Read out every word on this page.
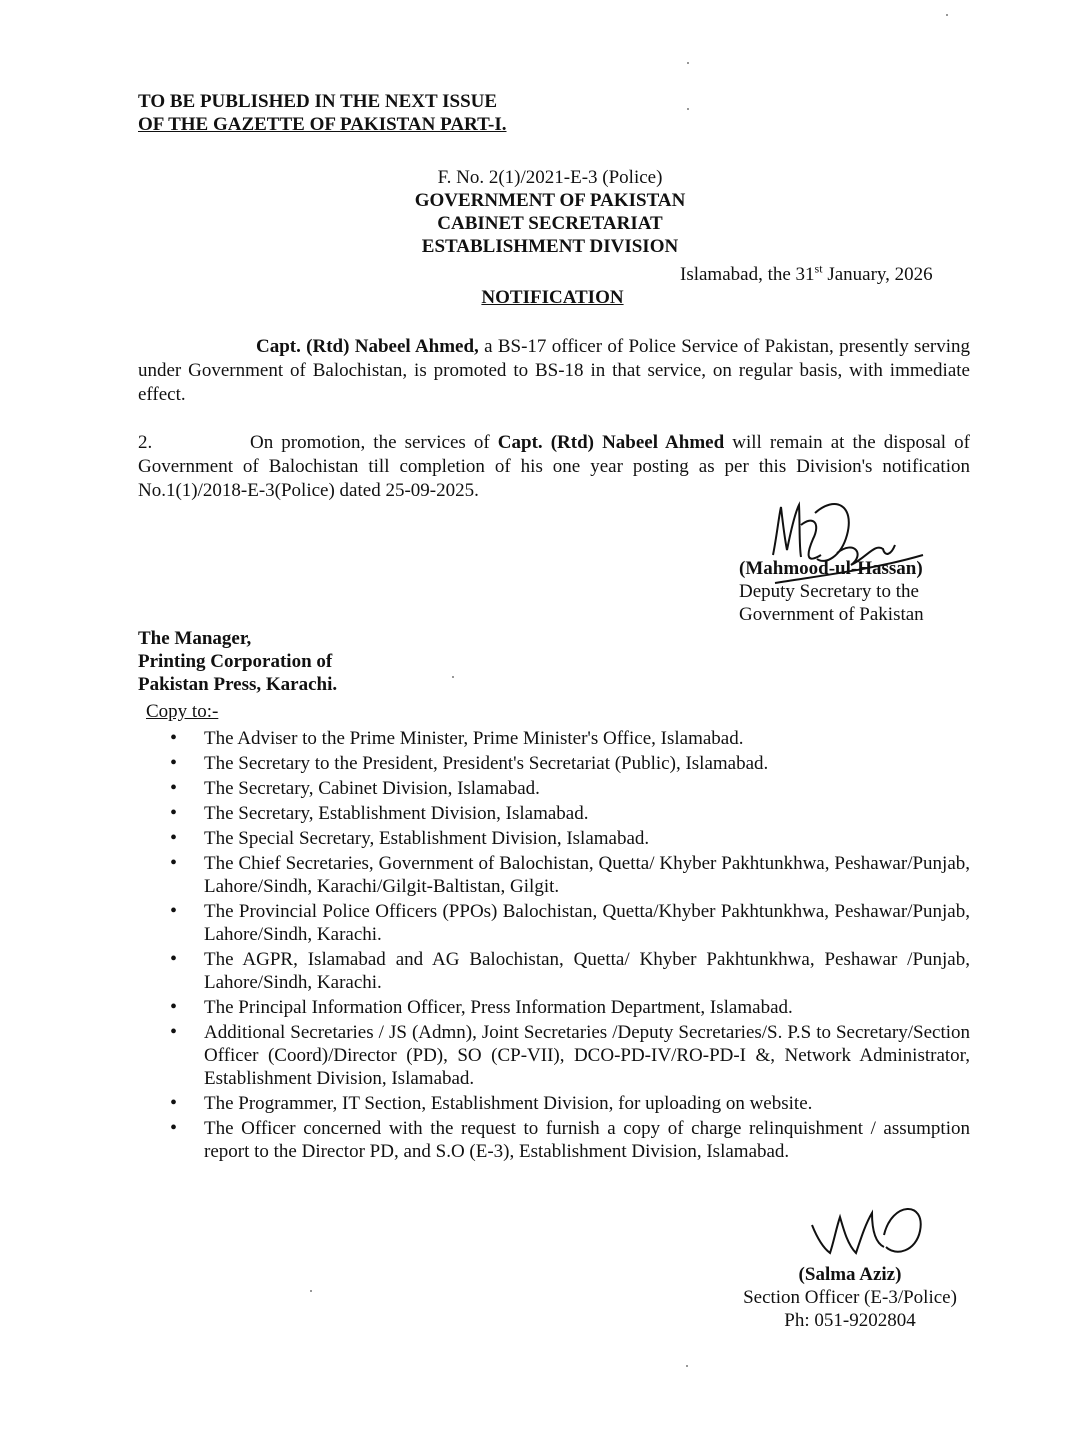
TO BE PUBLISHED IN THE NEXT ISSUE
OF THE GAZETTE OF PAKISTAN PART-I.
F. No. 2(1)/2021-E-3 (Police)
GOVERNMENT OF PAKISTAN
CABINET SECRETARIAT
ESTABLISHMENT DIVISION
Islamabad, the 31st January, 2026
NOTIFICATION
Capt. (Rtd) Nabeel Ahmed, a BS-17 officer of Police Service of Pakistan, presently serving under Government of Balochistan, is promoted to BS-18 in that service, on regular basis, with immediate effect.
2.	On promotion, the services of Capt. (Rtd) Nabeel Ahmed will remain at the disposal of Government of Balochistan till completion of his one year posting as per this Division's notification No.1(1)/2018-E-3(Police) dated 25-09-2025.
(Mahmood-ul-Hassan)
Deputy Secretary to the
Government of Pakistan
The Manager,
Printing Corporation of
Pakistan Press, Karachi.
Copy to:-
• The Adviser to the Prime Minister, Prime Minister's Office, Islamabad.
• The Secretary to the President, President's Secretariat (Public), Islamabad.
• The Secretary, Cabinet Division, Islamabad.
• The Secretary, Establishment Division, Islamabad.
• The Special Secretary, Establishment Division, Islamabad.
• The Chief Secretaries, Government of Balochistan, Quetta/ Khyber Pakhtunkhwa, Peshawar/Punjab, Lahore/Sindh, Karachi/Gilgit-Baltistan, Gilgit.
• The Provincial Police Officers (PPOs) Balochistan, Quetta/Khyber Pakhtunkhwa, Peshawar/Punjab, Lahore/Sindh, Karachi.
• The AGPR, Islamabad and AG Balochistan, Quetta/ Khyber Pakhtunkhwa, Peshawar /Punjab, Lahore/Sindh, Karachi.
• The Principal Information Officer, Press Information Department, Islamabad.
• Additional Secretaries / JS (Admn), Joint Secretaries /Deputy Secretaries/S. P.S to Secretary/Section Officer (Coord)/Director (PD), SO (CP-VII), DCO-PD-IV/RO-PD-I &, Network Administrator, Establishment Division, Islamabad.
• The Programmer, IT Section, Establishment Division, for uploading on website.
• The Officer concerned with the request to furnish a copy of charge relinquishment / assumption report to the Director PD, and S.O (E-3), Establishment Division, Islamabad.
(Salma Aziz)
Section Officer (E-3/Police)
Ph: 051-9202804
